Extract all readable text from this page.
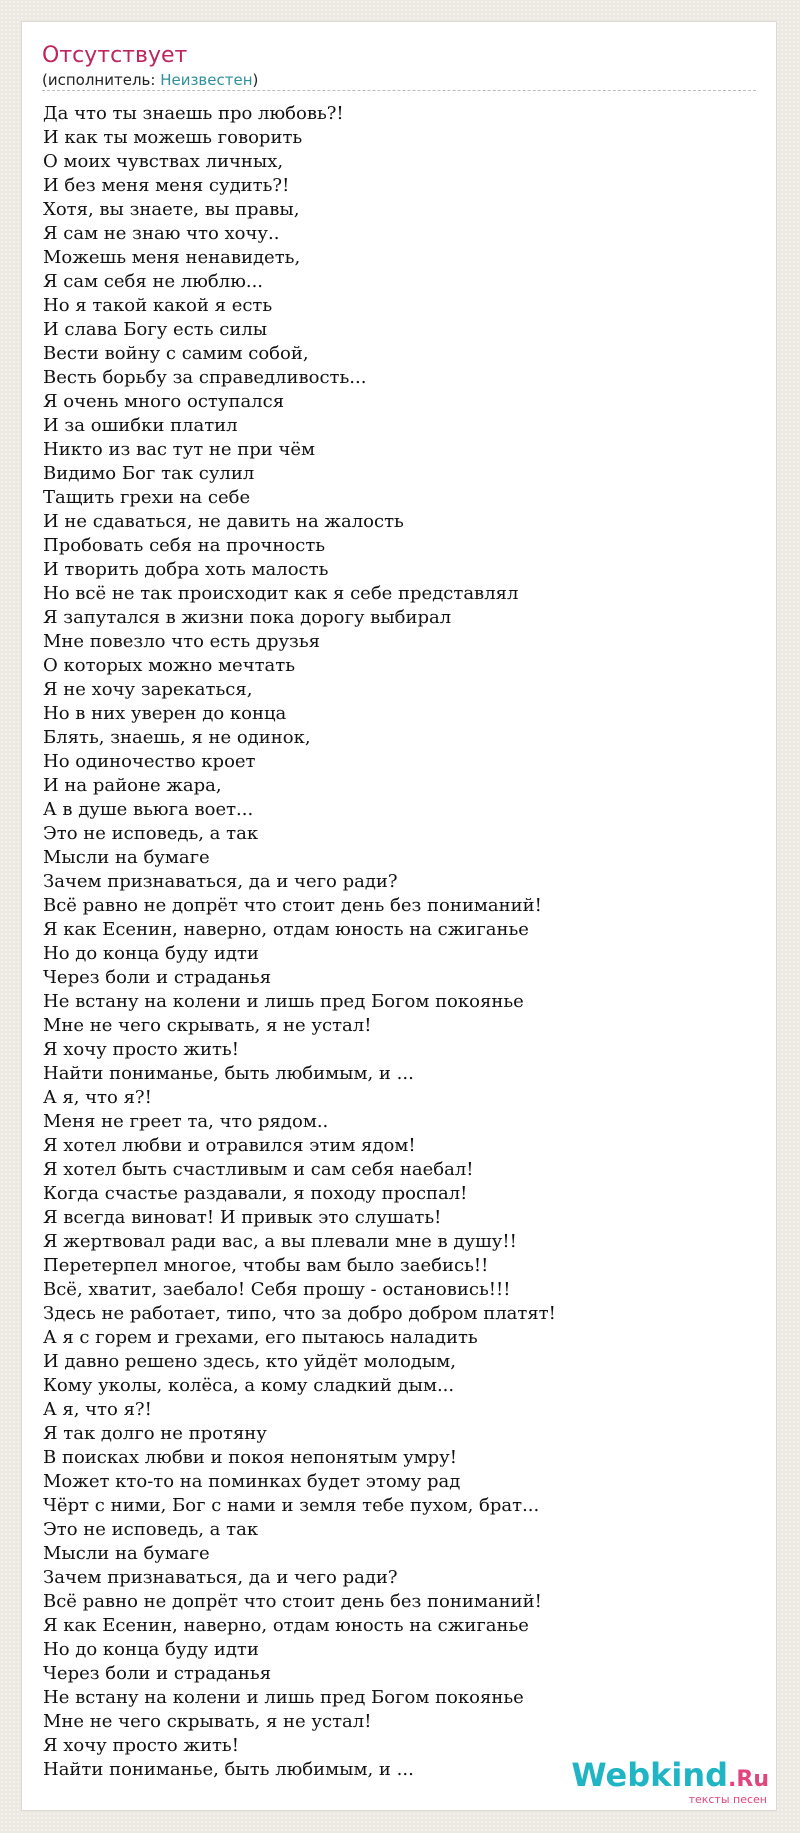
Отсутствует
(исполнитель: Неизвестен)
Да что ты знаешь про любовь?!
И как ты можешь говорить
О моих чувствах личных,
И без меня меня судить?!
Хотя, вы знаете, вы правы,
Я сам не знаю что хочу..
Можешь меня ненавидеть,
Я сам себя не люблю...
Но я такой какой я есть
И слава Богу есть силы
Вести войну с самим собой,
Весть борьбу за справедливость...
Я очень много оступался
И за ошибки платил
Никто из вас тут не при чём
Видимо Бог так сулил
Тащить грехи на себе
И не сдаваться, не давить на жалость
Пробовать себя на прочность
И творить добра хоть малость
Но всё не так происходит как я себе представлял
Я запутался в жизни пока дорогу выбирал
Мне повезло что есть друзья
О которых можно мечтать
Я не хочу зарекаться,
Но в них уверен до конца
Блять, знаешь, я не одинок,
Но одиночество кроет
И на районе жара,
А в душе вьюга воет...
Это не исповедь, а так
Мысли на бумаге
Зачем признаваться, да и чего ради?
Всё равно не допрёт что стоит день без пониманий!
Я как Есенин, наверно, отдам юность на сжиганье
Но до конца буду идти
Через боли и страданья
Не встану на колени и лишь пред Богом покоянье
Мне не чего скрывать, я не устал!
Я хочу просто жить!
Найти пониманье, быть любимым, и ...
А я, что я?!
Меня не греет та, что рядом..
Я хотел любви и отравился этим ядом!
Я хотел быть счастливым и сам себя наебал!
Когда счастье раздавали, я походу проспал!
Я всегда виноват! И привык это слушать!
Я жертвовал ради вас, а вы плевали мне в душу!!
Перетерпел многое, чтобы вам было заебись!!
Всё, хватит, заебало! Себя прошу - остановись!!!
Здесь не работает, типо, что за добро добром платят!
А я с горем и грехами, его пытаюсь наладить
И давно решено здесь, кто уйдёт молодым,
Кому уколы, колёса, а кому сладкий дым...
А я, что я?!
Я так долго не протяну
В поисках любви и покоя непонятым умру!
Может кто-то на поминках будет этому рад
Чёрт с ними, Бог с нами и земля тебе пухом, брат...
Это не исповедь, а так
Мысли на бумаге
Зачем признаваться, да и чего ради?
Всё равно не допрёт что стоит день без пониманий!
Я как Есенин, наверно, отдам юность на сжиганье
Но до конца буду идти
Через боли и страданья
Не встану на колени и лишь пред Богом покоянье
Мне не чего скрывать, я не устал!
Я хочу просто жить!
Найти пониманье, быть любимым, и ...	Webkind.Ru
тексты песен
